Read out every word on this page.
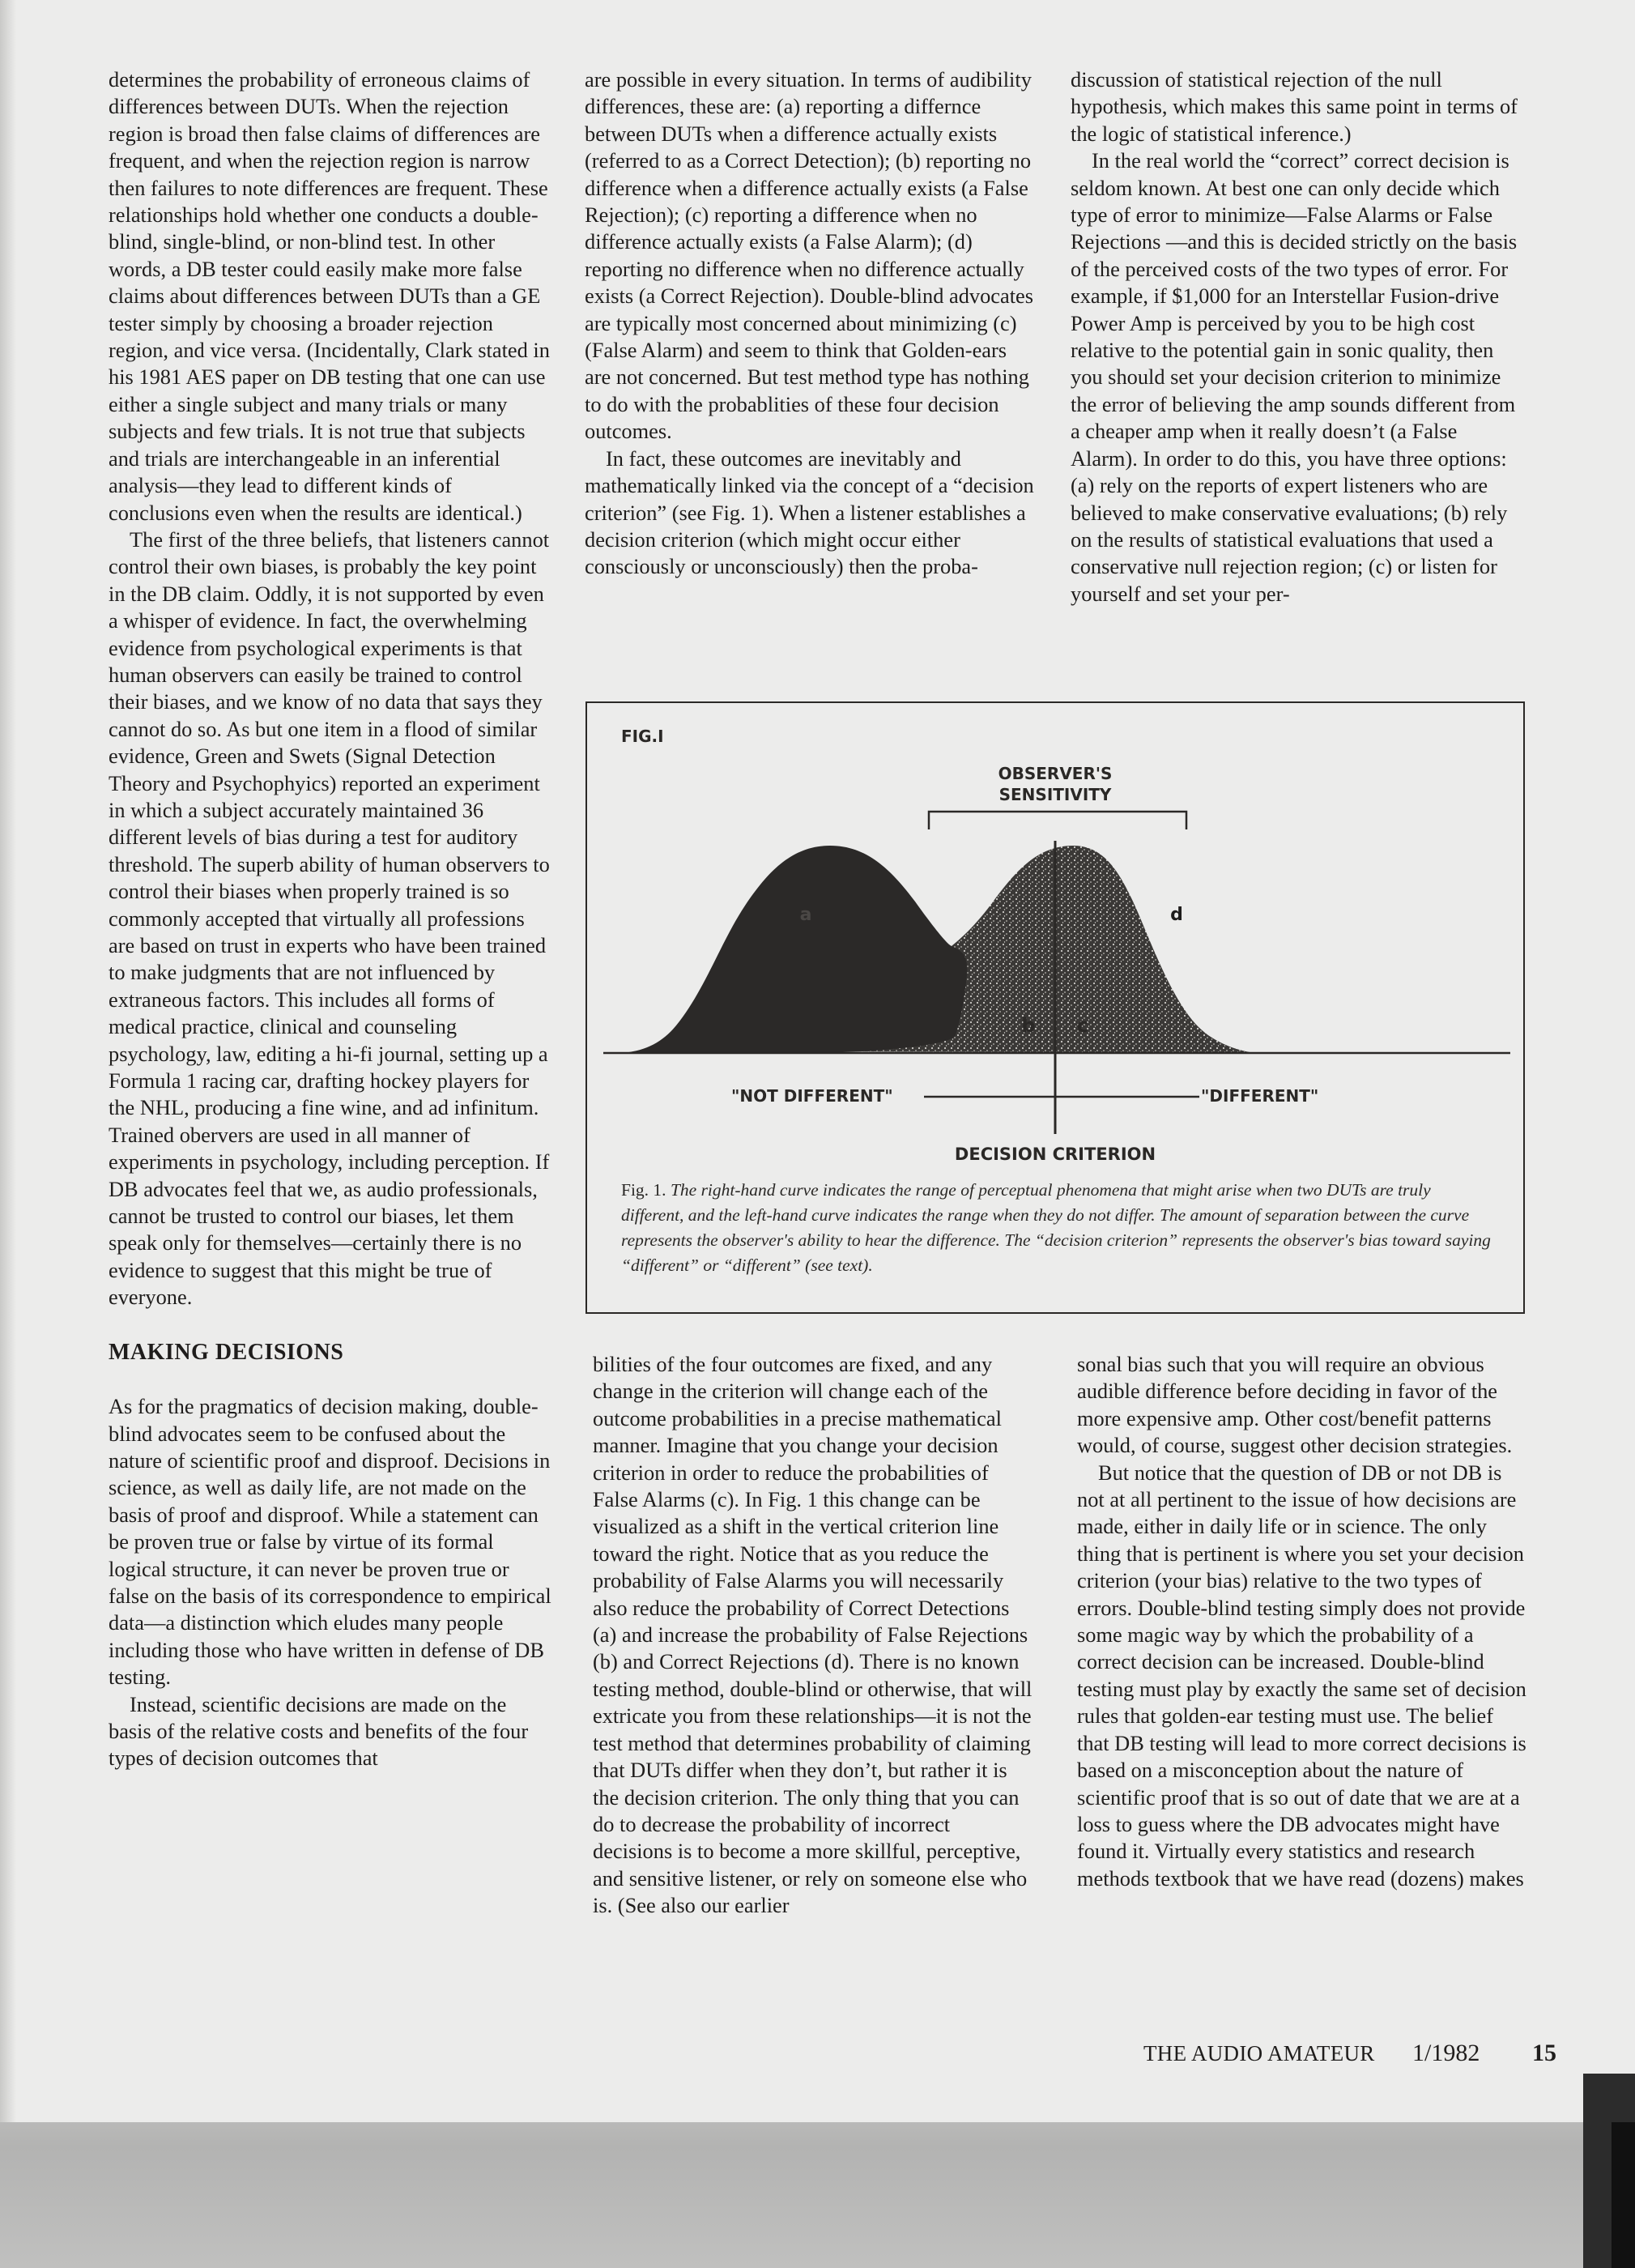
determines the probability of erroneous claims of differences between DUTs. When the rejection region is broad then false claims of differences are frequent, and when the rejection region is narrow then failures to note differences are frequent. These relationships hold whether one conducts a double-blind, single-blind, or non-blind test. In other words, a DB tester could easily make more false claims about differences between DUTs than a GE tester simply by choosing a broader rejection region, and vice versa. (Incidentally, Clark stated in his 1981 AES paper on DB testing that one can use either a single subject and many trials or many subjects and few trials. It is not true that subjects and trials are interchangeable in an inferential analysis—they lead to different kinds of conclusions even when the results are identical.)

The first of the three beliefs, that listeners cannot control their own biases, is probably the key point in the DB claim. Oddly, it is not supported by even a whisper of evidence. In fact, the overwhelming evidence from psychological experiments is that human observers can easily be trained to control their biases, and we know of no data that says they cannot do so. As but one item in a flood of similar evidence, Green and Swets (Signal Detection Theory and Psychophyics) reported an experiment in which a subject accurately maintained 36 different levels of bias during a test for auditory threshold. The superb ability of human observers to control their biases when properly trained is so commonly accepted that virtually all professions are based on trust in experts who have been trained to make judgments that are not influenced by extraneous factors. This includes all forms of medical practice, clinical and counseling psychology, law, editing a hi-fi journal, setting up a Formula 1 racing car, drafting hockey players for the NHL, producing a fine wine, and ad infinitum. Trained obervers are used in all manner of experiments in psychology, including perception. If DB advocates feel that we, as audio professionals, cannot be trusted to control our biases, let them speak only for themselves—certainly there is no evidence to suggest that this might be true of everyone.

MAKING DECISIONS

As for the pragmatics of decision making, double-blind advocates seem to be confused about the nature of scientific proof and disproof. Decisions in science, as well as daily life, are not made on the basis of proof and disproof. While a statement can be proven true or false by virtue of its formal logical structure, it can never be proven true or false on the basis of its correspondence to empirical data—a distinction which eludes many people including those who have written in defense of DB testing.

Instead, scientific decisions are made on the basis of the relative costs and benefits of the four types of decision outcomes that

are possible in every situation. In terms of audibility differences, these are: (a) reporting a differnce between DUTs when a difference actually exists (referred to as a Correct Detection); (b) reporting no difference when a difference actually exists (a False Rejection); (c) reporting a difference when no difference actually exists (a False Alarm); (d) reporting no difference when no difference actually exists (a Correct Rejection). Double-blind advocates are typically most concerned about minimizing (c) (False Alarm) and seem to think that Golden-ears are not concerned. But test method type has nothing to do with the probablities of these four decision outcomes.

In fact, these outcomes are inevitably and mathematically linked via the concept of a “decision criterion” (see Fig. 1). When a listener establishes a decision criterion (which might occur either consciously or unconsciously) then the proba-

discussion of statistical rejection of the null hypothesis, which makes this same point in terms of the logic of statistical inference.)

In the real world the “correct” correct decision is seldom known. At best one can only decide which type of error to minimize—False Alarms or False Rejections —and this is decided strictly on the basis of the perceived costs of the two types of error. For example, if $1,000 for an Interstellar Fusion-drive Power Amp is perceived by you to be high cost relative to the potential gain in sonic quality, then you should set your decision criterion to minimize the error of believing the amp sounds different from a cheaper amp when it really doesn’t (a False Alarm). In order to do this, you have three options: (a) rely on the reports of expert listeners who are believed to make conservative evaluations; (b) rely on the results of statistical evaluations that used a conservative null rejection region; (c) or listen for yourself and set your per-

FIG.I
OBSERVER'S
SENSITIVITY
a	d
b c
"NOT DIFFERENT"	"DIFFERENT"
DECISION CRITERION
Fig. 1. The right-hand curve indicates the range of perceptual phenomena that might arise when two DUTs are truly different, and the left-hand curve indicates the range when they do not differ. The amount of separation between the curve represents the observer's ability to hear the difference. The “decision criterion” represents the observer's bias toward saying “different” or “different” (see text).

bilities of the four outcomes are fixed, and any change in the criterion will change each of the outcome probabilities in a precise mathematical manner. Imagine that you change your decision criterion in order to reduce the probabilities of False Alarms (c). In Fig. 1 this change can be visualized as a shift in the vertical criterion line toward the right. Notice that as you reduce the probability of False Alarms you will necessarily also reduce the probability of Correct Detections (a) and increase the probability of False Rejections (b) and Correct Rejections (d). There is no known testing method, double-blind or otherwise, that will extricate you from these relationships—it is not the test method that determines probability of claiming that DUTs differ when they don’t, but rather it is the decision criterion. The only thing that you can do to decrease the probability of incorrect decisions is to become a more skillful, perceptive, and sensitive listener, or rely on someone else who is. (See also our earlier

sonal bias such that you will require an obvious audible difference before deciding in favor of the more expensive amp. Other cost/benefit patterns would, of course, suggest other decision strategies.

But notice that the question of DB or not DB is not at all pertinent to the issue of how decisions are made, either in daily life or in science. The only thing that is pertinent is where you set your decision criterion (your bias) relative to the two types of errors. Double-blind testing simply does not provide some magic way by which the probability of a correct decision can be increased. Double-blind testing must play by exactly the same set of decision rules that golden-ear testing must use. The belief that DB testing will lead to more correct decisions is based on a misconception about the nature of scientific proof that is so out of date that we are at a loss to guess where the DB advocates might have found it. Virtually every statistics and research methods textbook that we have read (dozens) makes

THE AUDIO AMATEUR 1/1982 15
